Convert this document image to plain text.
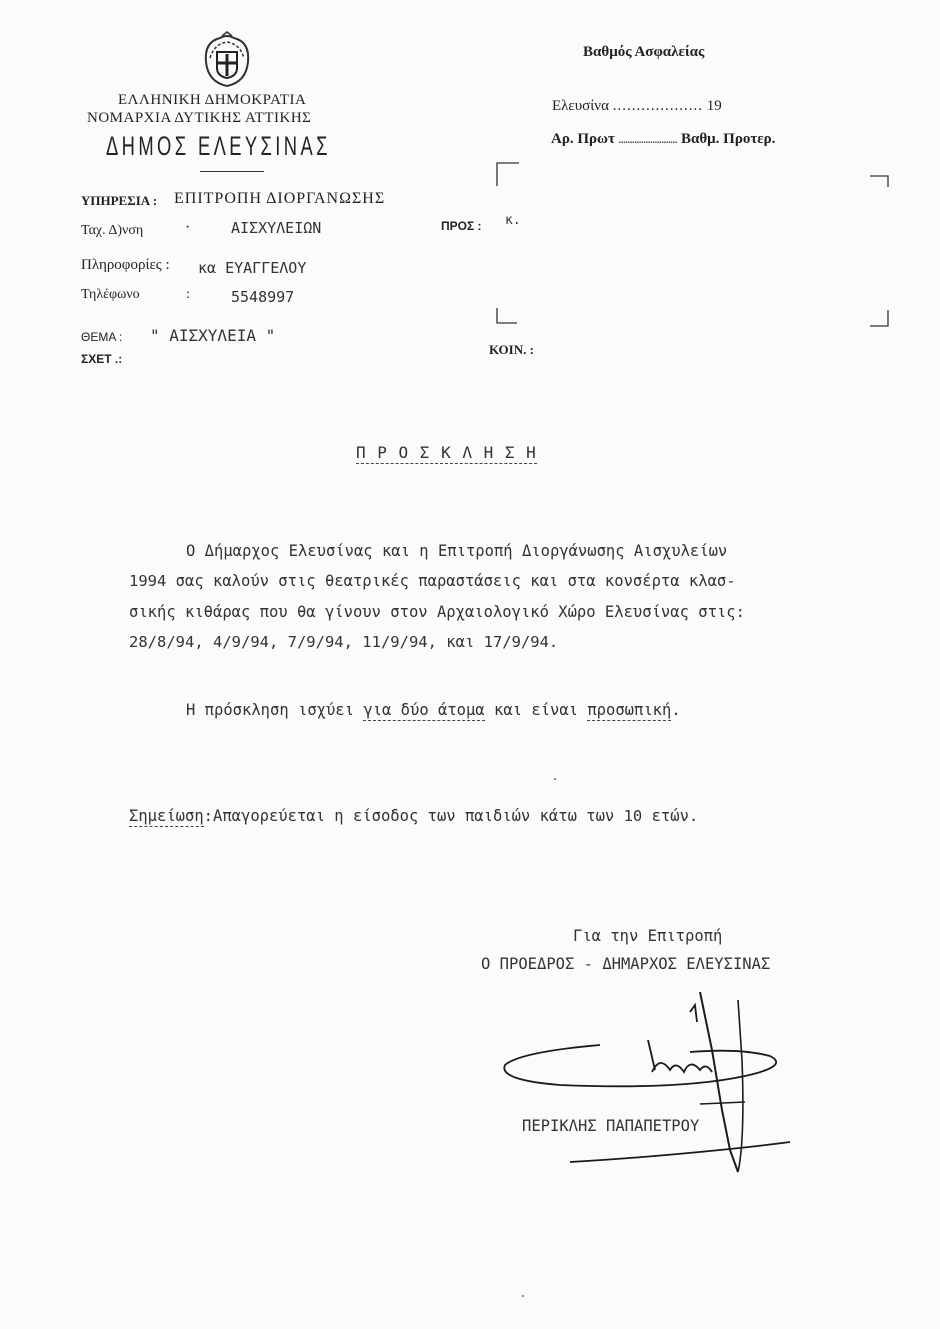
ΕΛΛΗΝΙΚΗ ΔΗΜΟΚΡΑΤΙΑ
ΝΟΜΑΡΧΙΑ ΔΥΤΙΚΗΣ ΑΤΤΙΚΗΣ
ΔΗΜΟΣ ΕΛΕΥΣΙΝΑΣ
Βαθμός Ασφαλείας
Ελευσίνα ................... 19
Αρ. Πρωτ .......................... Βαθμ. Προτερ.
ΥΠΗΡΕΣΙΑ : ΕΠΙΤΡΟΠΗ ΔΙΟΡΓΑΝΩΣΗΣ
Ταχ. Δ)νση	·	ΑΙΣΧΥΛΕΙΩΝ
Πληροφορίες : κα ΕΥΑΓΓΕΛΟΥ
Τηλέφωνο	:	5548997
ΘΕΜΑ : " ΑΙΣΧΥΛΕΙΑ "
ΣΧΕΤ .:
ΠΡΟΣ : κ.
ΚΟΙΝ. :
Π Ρ Ο Σ Κ Λ Η Σ Η
Ο Δήμαρχος Ελευσίνας και η Επιτροπή Διοργάνωσης Αισχυλείων
1994 σας καλούν στις θεατρικές παραστάσεις και στα κονσέρτα κλασ-
σικής κιθάρας που θα γίνουν στον Αρχαιολογικό Χώρο Ελευσίνας στις:
28/8/94, 4/9/94, 7/9/94, 11/9/94, και 17/9/94.
Η πρόσκληση ισχύει για δύο άτομα και είναι προσωπική.
Σημείωση:Απαγορεύεται η είσοδος των παιδιών κάτω των 10 ετών.
Για την Επιτροπή
Ο ΠΡΟΕΔΡΟΣ - ΔΗΜΑΡΧΟΣ ΕΛΕΥΣΙΝΑΣ
ΠΕΡΙΚΛΗΣ ΠΑΠΑΠΕΤΡΟΥ
